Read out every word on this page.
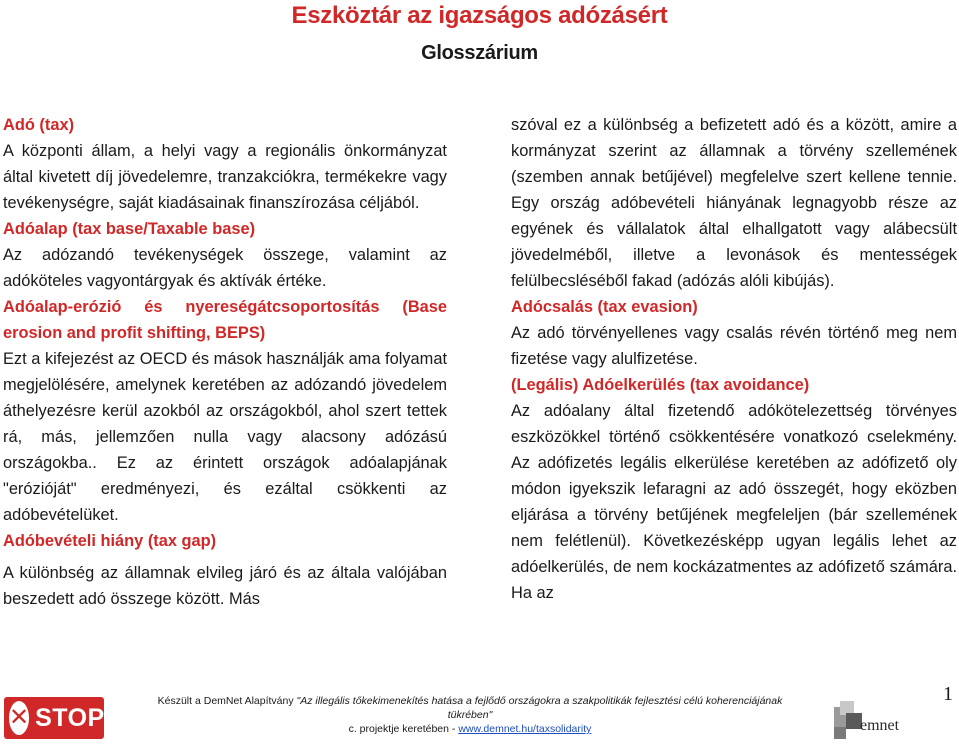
Eszköztár az igazságos adózásért
Glosszárium

Adó (tax)
A központi állam, a helyi vagy a regionális önkormányzat által kivetett díj jövedelemre, tranzakciókra, termékekre vagy tevékenységre, saját kiadásainak finanszírozása céljából.

Adóalap (tax base/Taxable base)
Az adózandó tevékenységek összege, valamint az adóköteles vagyontárgyak és aktívák értéke.

Adóalap-erózió és nyereségátcsoportosítás (Base erosion and profit shifting, BEPS)
Ezt a kifejezést az OECD és mások használják ama folyamat megjelölésére, amelynek keretében az adózandó jövedelem áthelyezésre kerül azokból az országokból, ahol szert tettek rá, más, jellemzően nulla vagy alacsony adózású országokba.. Ez az érintett országok adóalapjának "erózióját" eredményezi, és ezáltal csökkenti az adóbevételüket.

Adóbevételi hiány (tax gap)
A különbség az államnak elvileg járó és az általa valójában beszedett adó összege között. Más

szóval ez a különbség a befizetett adó és a között, amire a kormányzat szerint az államnak a törvény szellemének (szemben annak betűjével) megfelelve szert kellene tennie. Egy ország adóbevételi hiányának legnagyobb része az egyének és vállalatok által elhallgatott vagy alábecsült jövedelméből, illetve a levonások és mentességek felülbecsléséből fakad (adózás alóli kibújás).

Adócsalás (tax evasion)
Az adó törvényellenes vagy csalás révén történő meg nem fizetése vagy alulfizetése.

(Legális) Adóelkerülés (tax avoidance)
Az adóalany által fizetendő adókötelezettség törvényes eszközökkel történő csökkentésére vonatkozó cselekmény. Az adófizetés legális elkerülése keretében az adófizető oly módon igyekszik lefaragni az adó összegét, hogy eközben eljárása a törvény betűjének megfeleljen (bár szellemének nem felétlenül). Következésképp ugyan legális lehet az adóelkerülés, de nem kockázatmentes az adófizető számára. Ha az

✕ STOP
Készült a DemNet Alapítvány "Az illegális tőkekimenekítés hatása a fejlődő országokra a szakpolitikák fejlesztési célú koherenciájának tükrében"
c. projektje keretében - www.demnet.hu/taxsolidarity
1
emnet
